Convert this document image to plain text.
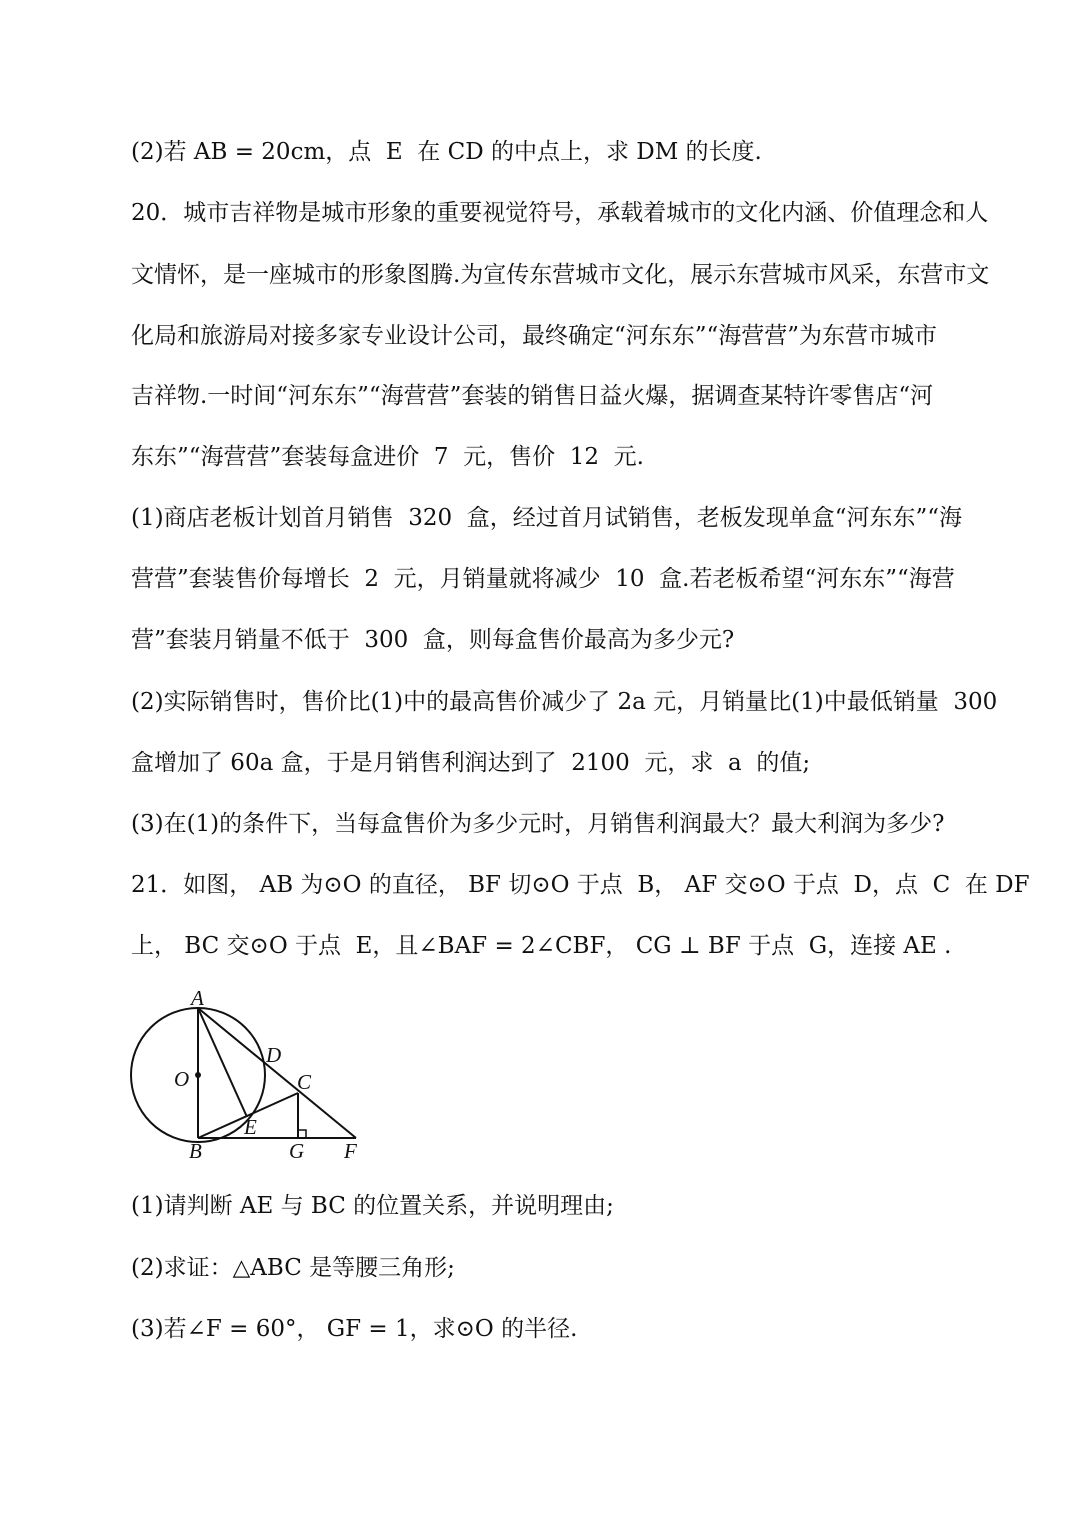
(2)若 AB = 20cm，点  E  在 CD 的中点上，求 DM 的长度.
20．城市吉祥物是城市形象的重要视觉符号，承载着城市的文化内涵、价值理念和人
文情怀，是一座城市的形象图腾.为宣传东营城市文化，展示东营城市风采，东营市文
化局和旅游局对接多家专业设计公司，最终确定“河东东”“海营营”为东营市城市
吉祥物.一时间“河东东”“海营营”套装的销售日益火爆，据调查某特许零售店“河
东东”“海营营”套装每盒进价  7  元，售价  12  元.
(1)商店老板计划首月销售  320  盒，经过首月试销售，老板发现单盒“河东东”“海
营营”套装售价每增长  2  元，月销量就将减少  10  盒.若老板希望“河东东”“海营
营”套装月销量不低于  300  盒，则每盒售价最高为多少元?
(2)实际销售时，售价比(1)中的最高售价减少了 2a 元，月销量比(1)中最低销量  300
盒增加了 60a 盒，于是月销售利润达到了  2100  元，求  a  的值;
(3)在(1)的条件下，当每盒售价为多少元时，月销售利润最大？最大利润为多少?
21．如图， AB 为⊙O 的直径， BF 切⊙O 于点  B， AF 交⊙O 于点  D，点  C  在 DF
上， BC 交⊙O 于点  E，且∠BAF = 2∠CBF， CG ⊥ BF 于点  G，连接 AE .
A
O
D
C
E
B	G F
(1)请判断 AE 与 BC 的位置关系，并说明理由;
(2)求证：△ABC 是等腰三角形;
(3)若∠F = 60°， GF = 1，求⊙O 的半径.
